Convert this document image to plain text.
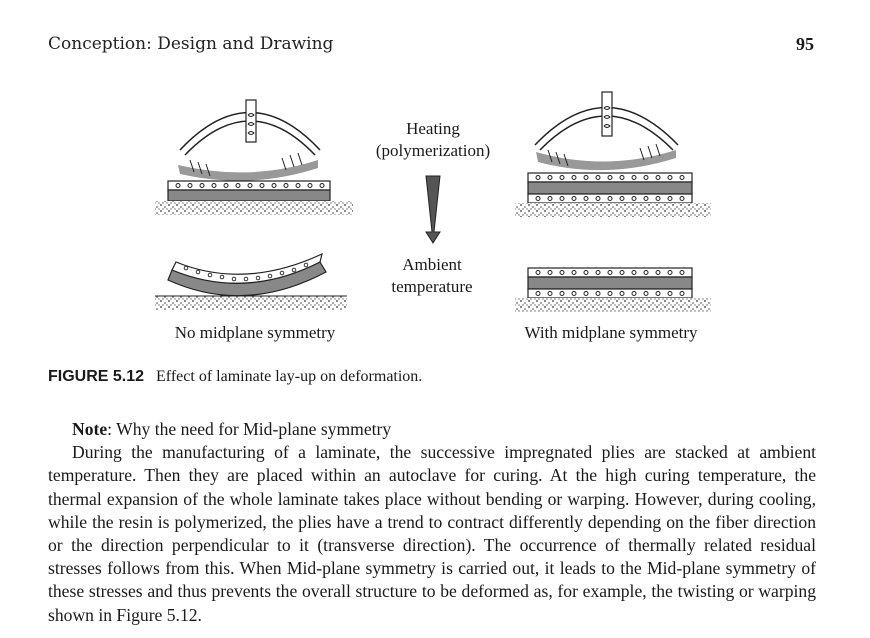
Conception: Design and Drawing	95
Heating
(polymerization)
Ambient
temperature
No midplane symmetry	With midplane symmetry
FIGURE 5.12 Effect of laminate lay-up on deformation.
Note: Why the need for Mid-plane symmetry

During the manufacturing of a laminate, the successive impregnated plies are stacked at ambient temperature. Then they are placed within an autoclave for curing. At the high curing temperature, the thermal expansion of the whole laminate takes place without bending or warping. However, during cooling, while the resin is polymerized, the plies have a trend to contract differently depending on the fiber direction or the direction perpendicular to it (transverse direction). The occurrence of thermally related residual stresses follows from this. When Mid-plane symmetry is carried out, it leads to the Mid-plane symmetry of these stresses and thus prevents the overall structure to be deformed as, for example, the twisting or warping shown in Figure 5.12.
